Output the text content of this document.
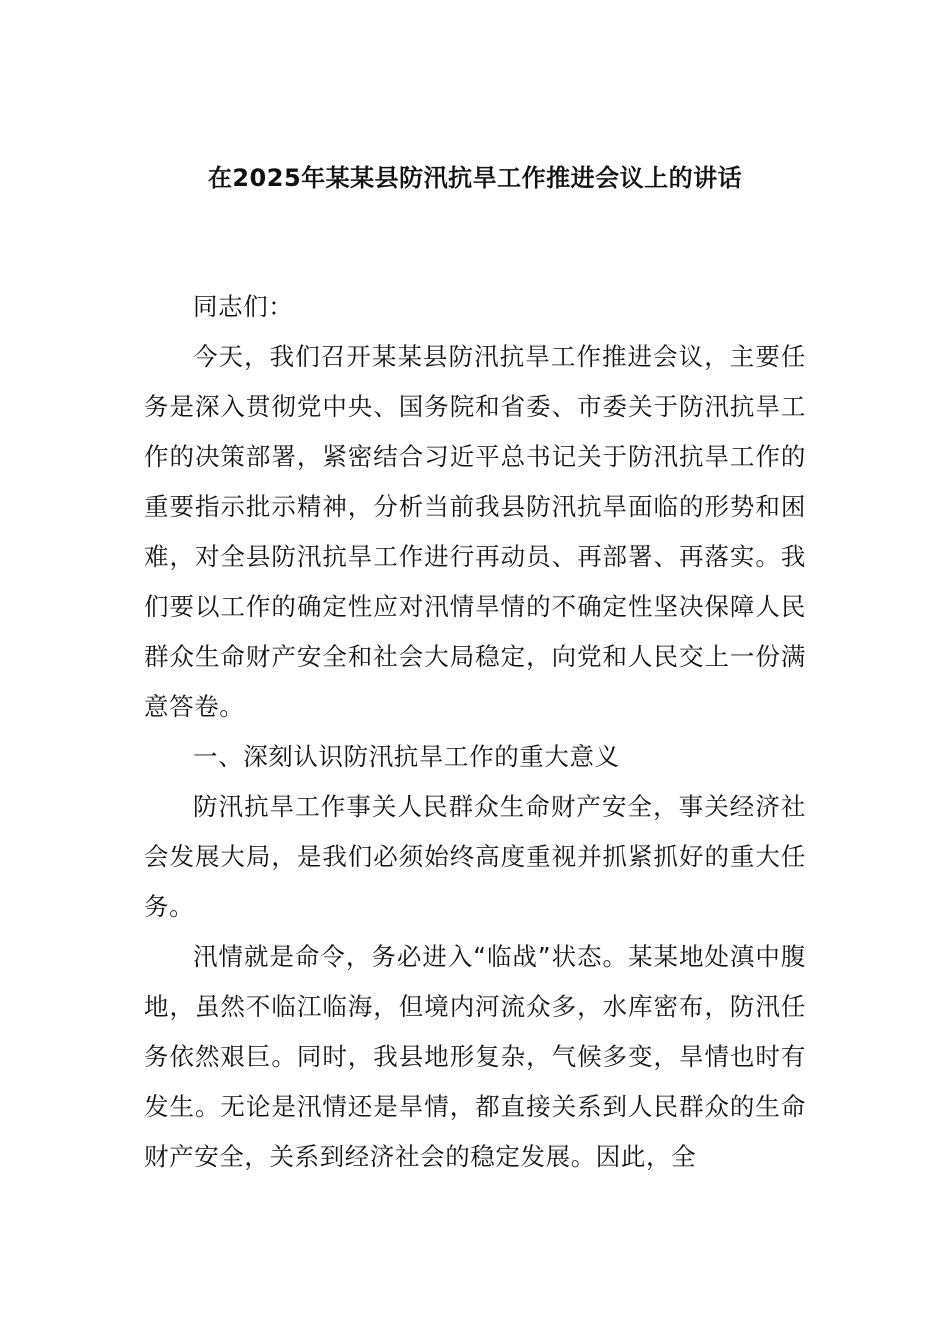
在2025年某某县防汛抗旱工作推进会议上的讲话

同志们：

今天，我们召开某某县防汛抗旱工作推进会议，主要任务是深入贯彻党中央、国务院和省委、市委关于防汛抗旱工作的决策部署，紧密结合习近平总书记关于防汛抗旱工作的重要指示批示精神，分析当前我县防汛抗旱面临的形势和困难，对全县防汛抗旱工作进行再动员、再部署、再落实。我们要以工作的确定性应对汛情旱情的不确定性坚决保障人民群众生命财产安全和社会大局稳定，向党和人民交上一份满意答卷。

一、深刻认识防汛抗旱工作的重大意义

防汛抗旱工作事关人民群众生命财产安全，事关经济社会发展大局，是我们必须始终高度重视并抓紧抓好的重大任务。

汛情就是命令，务必进入“临战”状态。某某地处滇中腹地，虽然不临江临海，但境内河流众多，水库密布，防汛任务依然艰巨。同时，我县地形复杂，气候多变，旱情也时有发生。无论是汛情还是旱情，都直接关系到人民群众的生命财产安全，关系到经济社会的稳定发展。因此，全
